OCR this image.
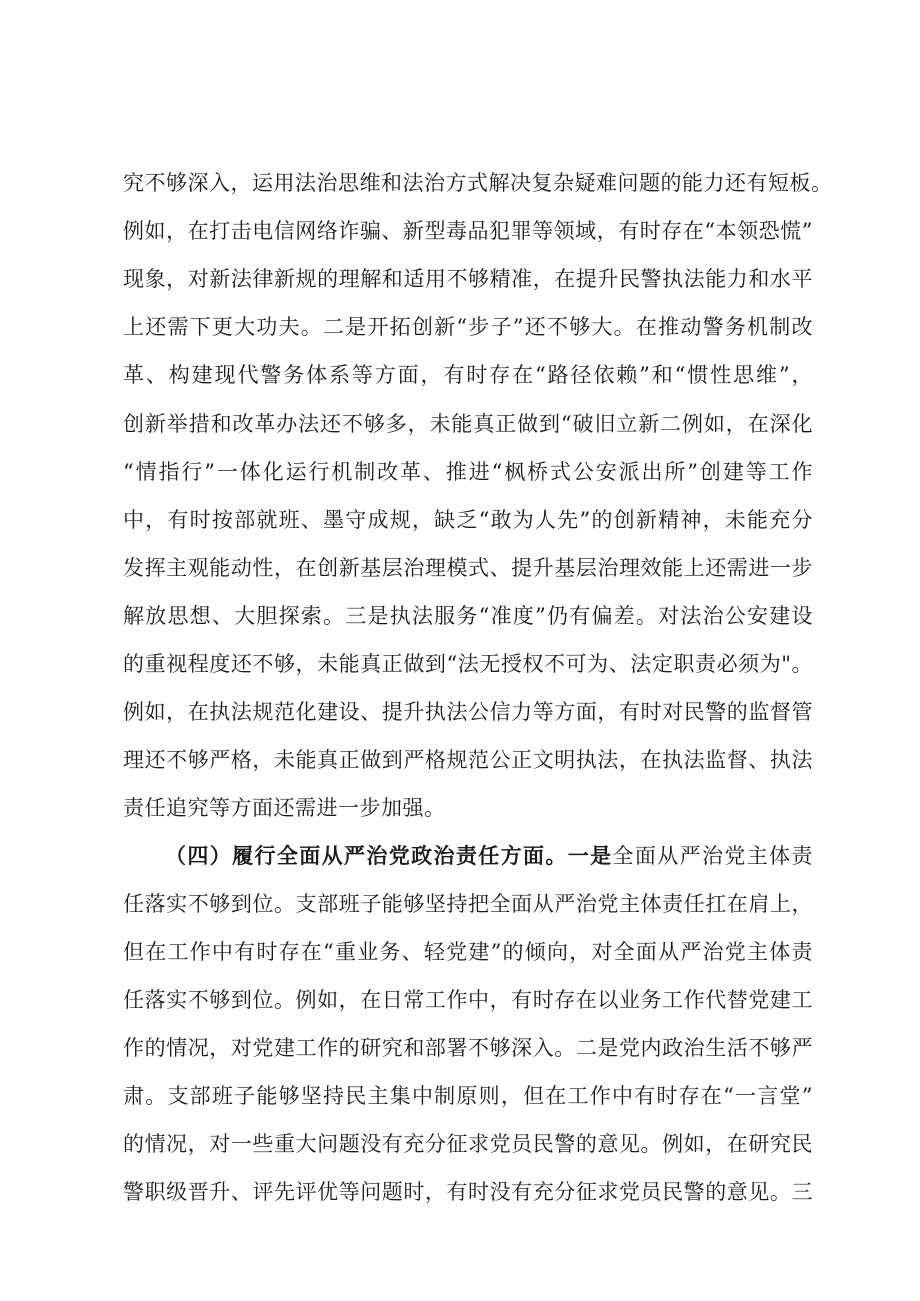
究不够深入，运用法治思维和法治方式解决复杂疑难问题的能力还有短板。
例如，在打击电信网络诈骗、新型毒品犯罪等领域，有时存在“本领恐慌”
现象，对新法律新规的理解和适用不够精准，在提升民警执法能力和水平
上还需下更大功夫。二是开拓创新“步子”还不够大。在推动警务机制改
革、构建现代警务体系等方面，有时存在“路径依赖”和“惯性思维”，
创新举措和改革办法还不够多，未能真正做到“破旧立新二例如，在深化
“情指行”一体化运行机制改革、推进“枫桥式公安派出所”创建等工作
中，有时按部就班、墨守成规，缺乏“敢为人先”的创新精神，未能充分
发挥主观能动性，在创新基层治理模式、提升基层治理效能上还需进一步
解放思想、大胆探索。三是执法服务“准度”仍有偏差。对法治公安建设
的重视程度还不够，未能真正做到“法无授权不可为、法定职责必须为"。
例如，在执法规范化建设、提升执法公信力等方面，有时对民警的监督管
理还不够严格，未能真正做到严格规范公正文明执法，在执法监督、执法
责任追究等方面还需进一步加强。
（四）履行全面从严治党政治责任方面。一是全面从严治党主体责
任落实不够到位。支部班子能够坚持把全面从严治党主体责任扛在肩上，
但在工作中有时存在“重业务、轻党建”的倾向，对全面从严治党主体责
任落实不够到位。例如，在日常工作中，有时存在以业务工作代替党建工
作的情况，对党建工作的研究和部署不够深入。二是党内政治生活不够严
肃。支部班子能够坚持民主集中制原则，但在工作中有时存在“一言堂”
的情况，对一些重大问题没有充分征求党员民警的意见。例如，在研究民
警职级晋升、评先评优等问题时，有时没有充分征求党员民警的意见。三
